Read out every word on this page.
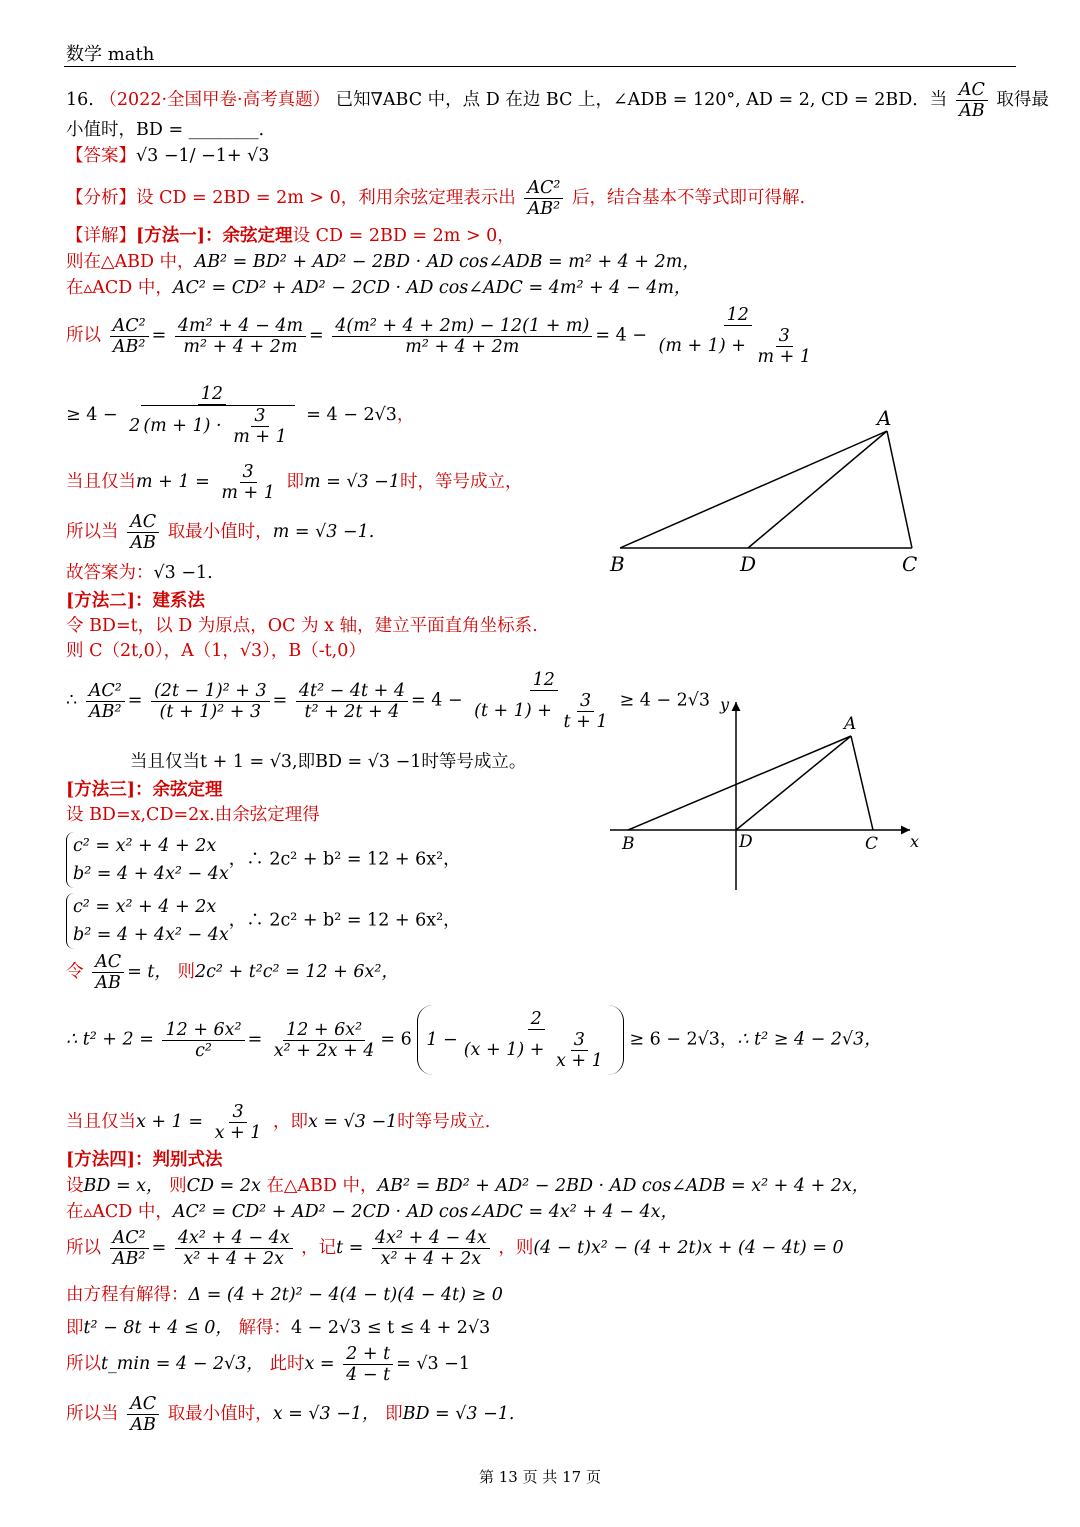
数学 math
16. （2022·全国甲卷·高考真题） 已知∇ABC 中，点 D 在边 BC 上，∠ADB = 120°, AD = 2, CD = 2BD．当 $\frac{AC}{AB}$ 取得最
小值时，BD = ________．
【答案】√3 −1/ −1+ √3
【分析】设 CD = 2BD = 2m > 0，利用余弦定理表示出 $\frac{\text{AC²}}{\text{AB²}}$ 后，结合基本不等式即可得解.
【详解】[方法一]：余弦定理设 CD = 2BD = 2m > 0，
则在△ABD 中，AB² = BD² + AD² − 2BD · AD cos∠ADB = m² + 4 + 2m，
在▵ACD 中，AC² = CD² + AD² − 2CD · AD cos∠ADC = 4m² + 4 − 4m，
所以 $\frac{\text{AC²}}{\text{AB²}} = \frac{\text{4m² + 4 − 4m}}{\text{m² + 4 + 2m}} = \frac{\text{4(m² + 4 + 2m) − 12(1 + m)}}{\text{m² + 4 + 2m}} = 4 - \frac{12}{(m + 1) + \frac{3}{m + 1}}$
≥ $4 - \frac{12}{2 (m + 1) \cdot \frac{3}{m + 1}} = 4 - 2√3$，
当且仅当$m + 1 = \frac{3}{m + 1}$ 即m = √3 −1时，等号成立，
所以当 $\frac{AC}{AB}$ 取最小值时，m = √3 −1.
故答案为：√3 −1.
[方法二]：建系法
令 BD=t，以 D 为原点，OC 为 x 轴，建立平面直角坐标系.
则 C（2t,0），A（1，√3），B（-t,0）
∴ $\frac{\text{AC²}}{\text{AB²}} = \frac{\text{(2t − 1)² + 3}}{\text{(t + 1)² + 3}} = \frac{\text{4t² − 4t + 4}}{\text{t² + 2t + 4}} = 4 - \frac{12}{(t + 1) + \frac{3}{t + 1}} \ge 4 - 2√3$
当且仅当t + 1 = √3,即BD = √3 −1时等号成立。
[方法三]：余弦定理
设 BD=x,CD=2x.由余弦定理得
c² = x² + 4 + 2x
b² = 4 + 4x² − 4x
，∴ 2c² + b² = 12 + 6x²，
c² = x² + 4 + 2x
b² = 4 + 4x² − 4x
，∴ 2c² + b² = 12 + 6x²，
令 $\frac{AC}{AB} = t$， 则2c² + t²c² = 12 + 6x²，
∴ $t^2 + 2 = \frac{\text{12 + 6x²}}{\text{c²}} = \frac{\text{12 + 6x²}}{\text{x² + 2x + 4}} = 6$ $1 - \frac{2}{(x + 1) + \frac{3}{x + 1}} \ge 6 - 2√3$，∴ t² ≥ 4 − 2√3，
当且仅当$x + 1 = \frac{3}{x + 1}$ ，即x = √3 −1时等号成立.
[方法四]：判别式法
设BD = x， 则CD = 2x 在△ABD 中，AB² = BD² + AD² − 2BD · AD cos∠ADB = x² + 4 + 2x，
在▵ACD 中，AC² = CD² + AD² − 2CD · AD cos∠ADC = 4x² + 4 − 4x，
所以 $\frac{\text{AC²}}{\text{AB²}} = \frac{\text{4x² + 4 − 4x}}{\text{x² + 4 + 2x}}$ ，记$t = \frac{\text{4x² + 4 − 4x}}{\text{x² + 4 + 2x}}$ ，则(4 − t)x² − (4 + 2t)x + (4 − 4t) = 0
由方程有解得：Δ = (4 + 2t)² − 4(4 − t)(4 − 4t) ≥ 0
即t² − 8t + 4 ≤ 0， 解得：4 − 2√3 ≤ t ≤ 4 + 2√3
所以t_min = 4 − 2√3， 此时$x = \frac{2 + t}{4 - t} = √3 -1$
所以当 $\frac{AC}{AB}$ 取最小值时，x = √3 −1， 即BD = √3 −1.
A
B	D	C
y
A
B	D	C x
第 13 页 共 17 页
